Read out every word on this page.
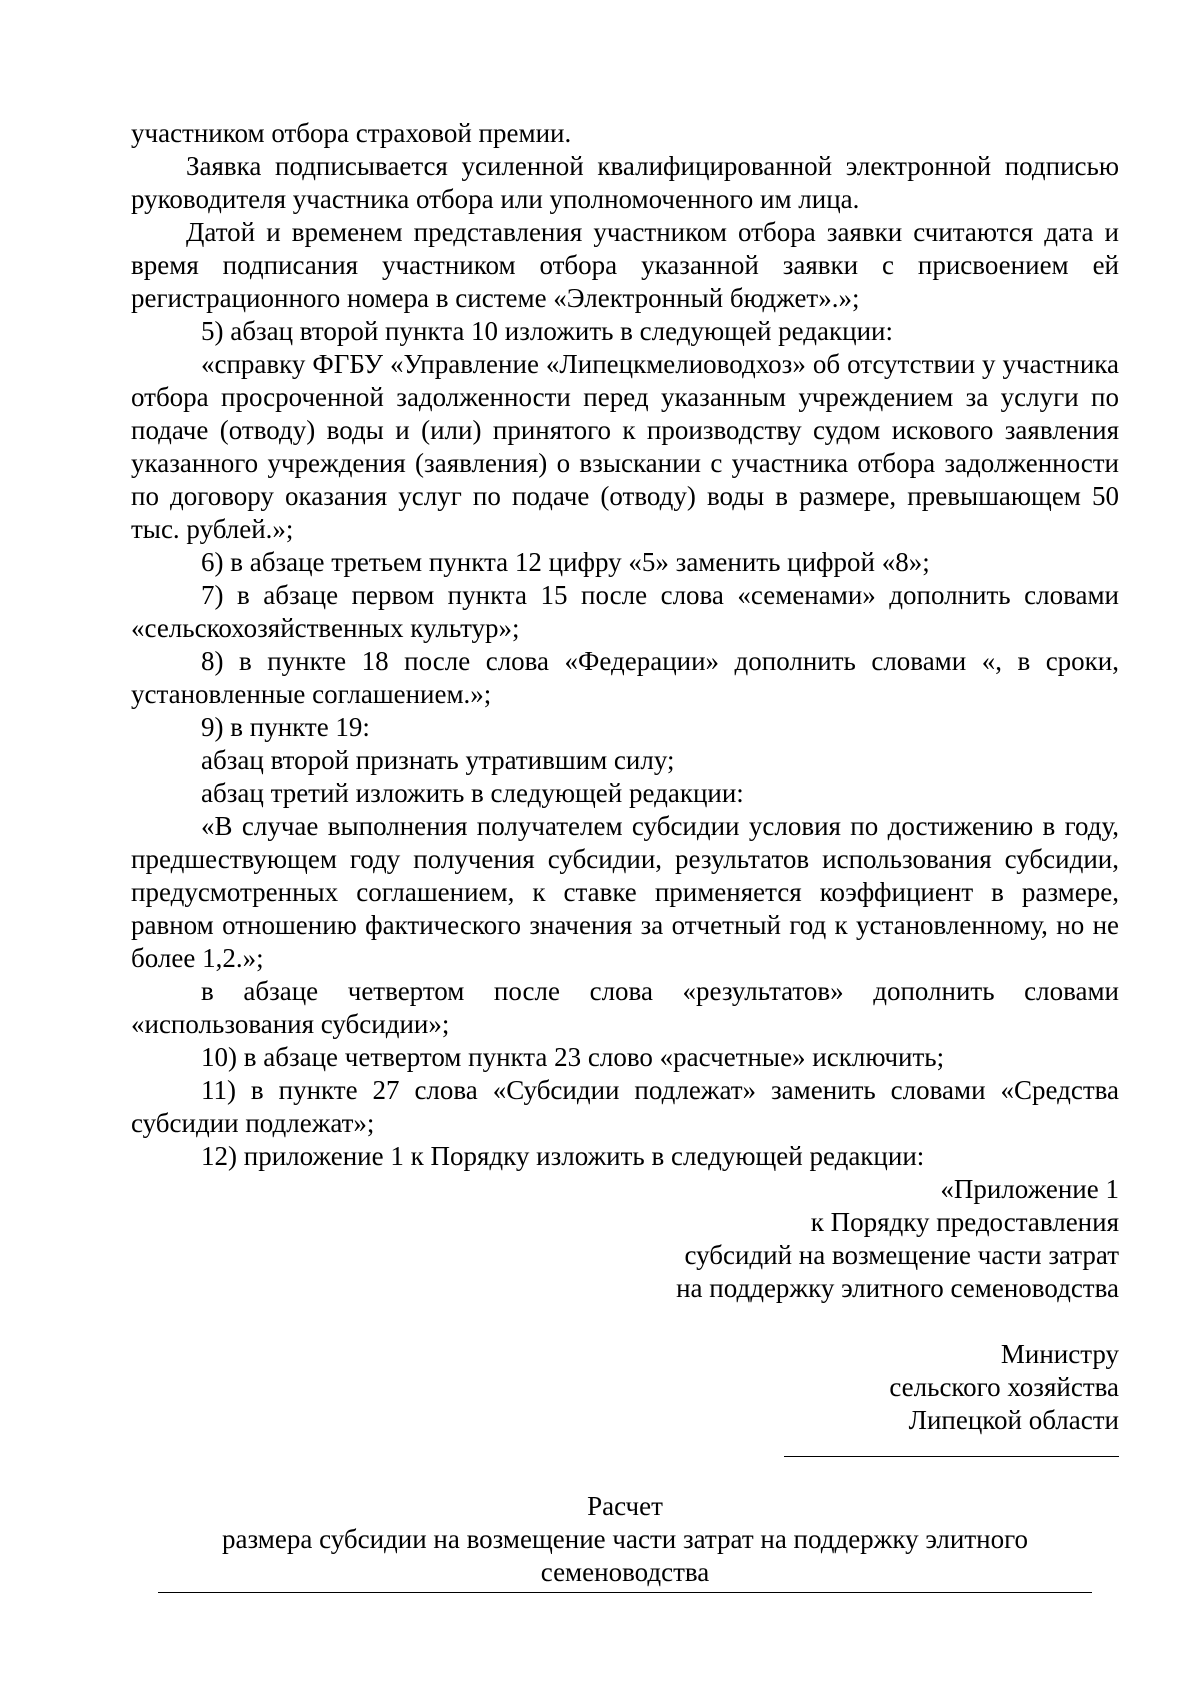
участником отбора страховой премии.

Заявка подписывается усиленной квалифицированной электронной подписью руководителя участника отбора или уполномоченного им лица.

Датой и временем представления участником отбора заявки считаются дата и время подписания участником отбора указанной заявки с присвоением ей регистрационного номера в системе «Электронный бюджет».»;

5) абзац второй пункта 10 изложить в следующей редакции:

«справку ФГБУ «Управление «Липецкмелиоводхоз» об отсутствии у участника отбора просроченной задолженности перед указанным учреждением за услуги по подаче (отводу) воды и (или) принятого к производству судом искового заявления указанного учреждения (заявления) о взыскании с участника отбора задолженности по договору оказания услуг по подаче (отводу) воды в размере, превышающем 50 тыс. рублей.»;

6) в абзаце третьем пункта 12 цифру «5» заменить цифрой «8»;

7) в абзаце первом пункта 15 после слова «семенами» дополнить словами «сельскохозяйственных культур»;

8) в пункте 18 после слова «Федерации» дополнить словами «, в сроки, установленные соглашением.»;

9) в пункте 19:

абзац второй признать утратившим силу;

абзац третий изложить в следующей редакции:

«В случае выполнения получателем субсидии условия по достижению в году, предшествующем году получения субсидии, результатов использования субсидии, предусмотренных соглашением, к ставке применяется коэффициент в размере, равном отношению фактического значения за отчетный год к установленному, но не более 1,2.»;

в абзаце четвертом после слова «результатов» дополнить словами «использования субсидии»;

10) в абзаце четвертом пункта 23 слово «расчетные» исключить;

11) в пункте 27 слова «Субсидии подлежат» заменить словами «Средства субсидии подлежат»;

12) приложение 1 к Порядку изложить в следующей редакции:

«Приложение 1

к Порядку предоставления

субсидий на возмещение части затрат

на поддержку элитного семеноводства

Министру

сельского хозяйства

Липецкой области

Расчет

размера субсидии на возмещение части затрат на поддержку элитного

семеноводства
